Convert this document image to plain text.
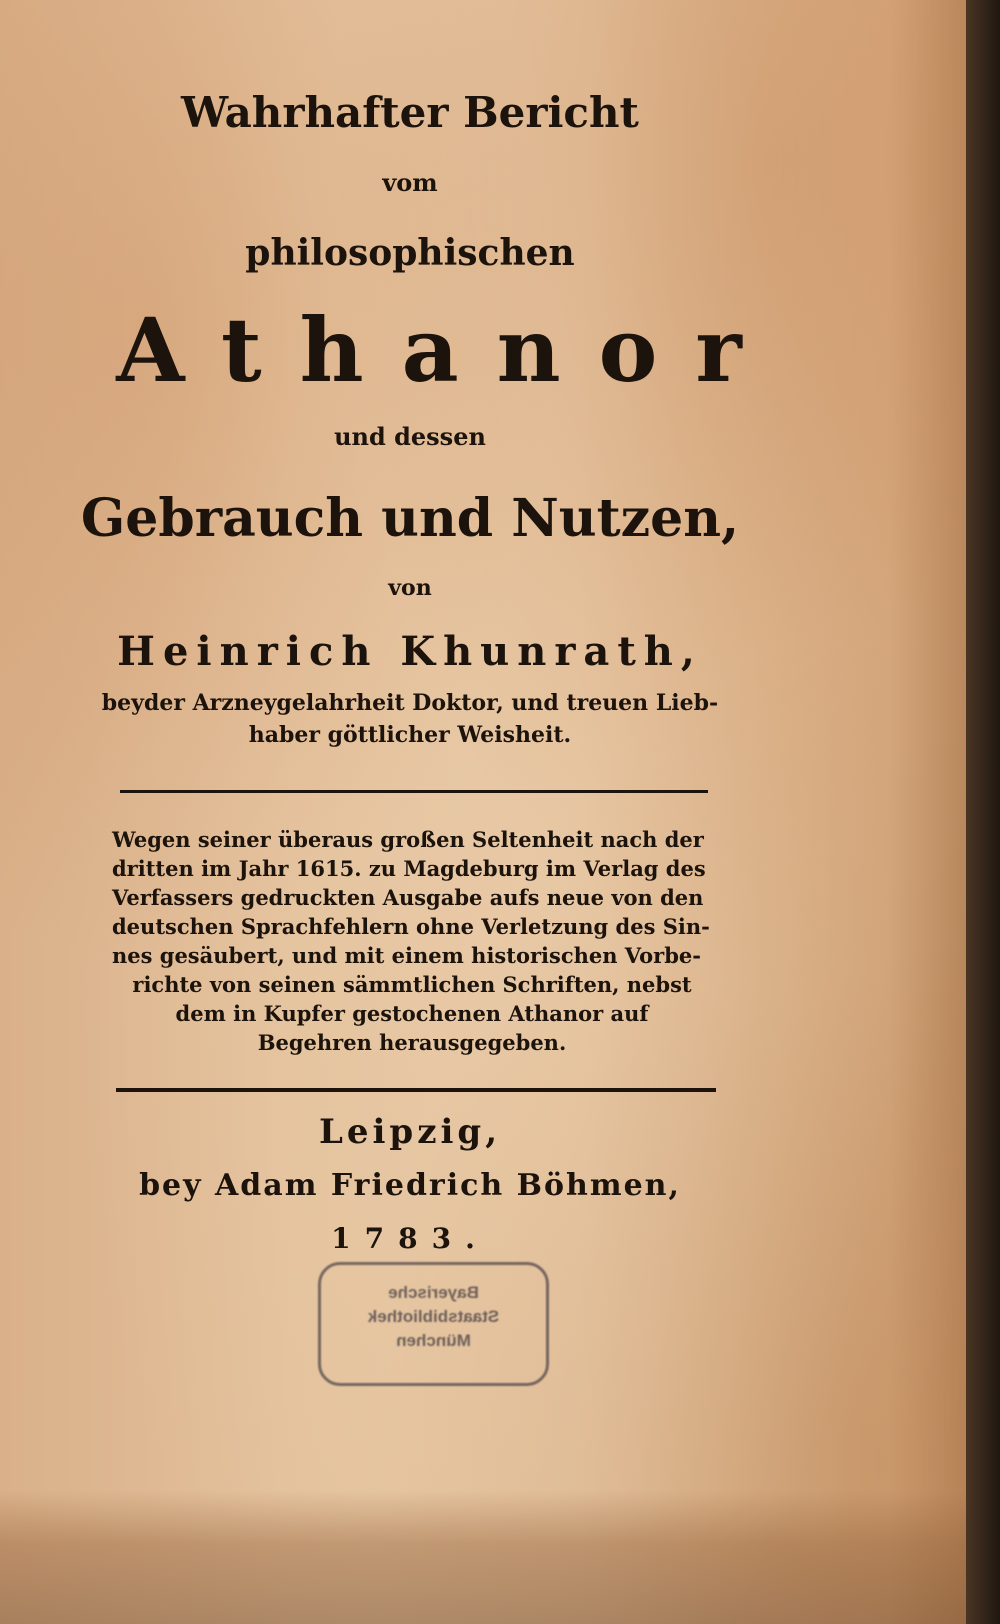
Wahrhafter Bericht
vom
philosophischen
Athanor
und dessen
Gebrauch und Nutzen,
von
Heinrich Khunrath,
beyder Arzneygelahrheit Doktor, und treuen Lieb-
haber göttlicher Weisheit.
Wegen seiner überaus großen Seltenheit nach der
dritten im Jahr 1615. zu Magdeburg im Verlag des
Verfassers gedruckten Ausgabe aufs neue von den
deutschen Sprachfehlern ohne Verletzung des Sin-
nes gesäubert, und mit einem historischen Vorbe-
richte von seinen sämmtlichen Schriften, nebst
dem in Kupfer gestochenen Athanor auf
Begehren herausgegeben.
Leipzig,
bey Adam Friedrich Böhmen,
1783.
Bayerische
Staatsbibliothek
München
